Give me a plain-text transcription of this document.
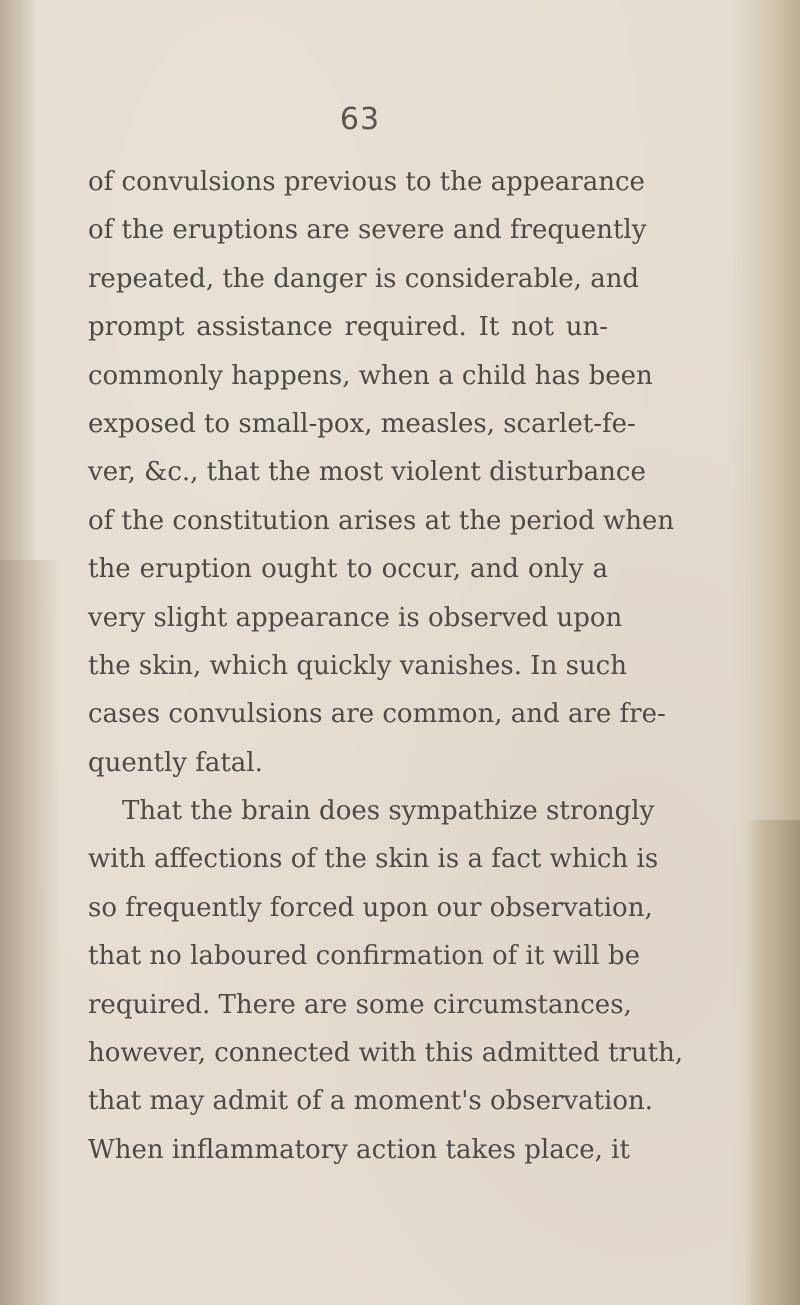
63
of convulsions previous to the appearance
of the eruptions are severe and frequently
repeated, the danger is considerable, and
prompt assistance required. It not un-
commonly happens, when a child has been
exposed to small-pox, measles, scarlet-fe-
ver, &c., that the most violent disturbance
of the constitution arises at the period when
the eruption ought to occur, and only a
very slight appearance is observed upon
the skin, which quickly vanishes. In such
cases convulsions are common, and are fre-
quently fatal.
That the brain does sympathize strongly
with affections of the skin is a fact which is
so frequently forced upon our observation,
that no laboured confirmation of it will be
required. There are some circumstances,
however, connected with this admitted truth,
that may admit of a moment's observation.
When inflammatory action takes place, it
